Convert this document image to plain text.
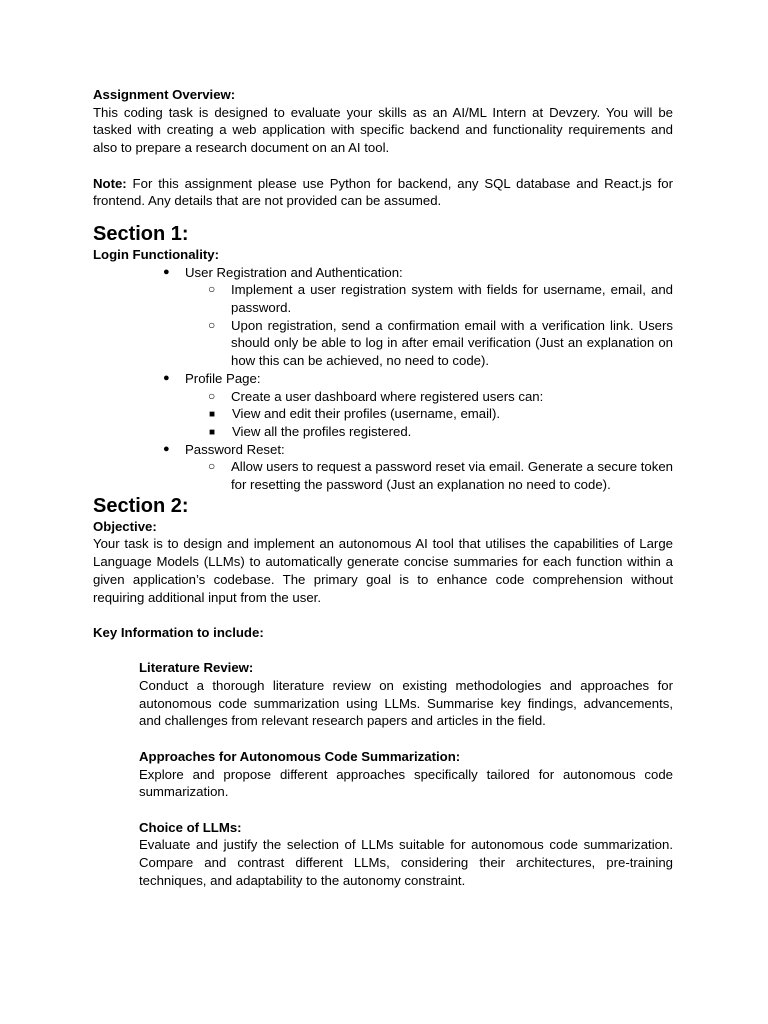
Assignment Overview:

This coding task is designed to evaluate your skills as an AI/ML Intern at Devzery. You will be tasked with creating a web application with specific backend and functionality requirements and also to prepare a research document on an AI tool.

Note: For this assignment please use Python for backend, any SQL database and React.js for frontend. Any details that are not provided can be assumed.

Section 1:

Login Functionality:

● User Registration and Authentication:
○ Implement a user registration system with fields for username, email, and password.
○ Upon registration, send a confirmation email with a verification link. Users should only be able to log in after email verification (Just an explanation on how this can be achieved, no need to code).
● Profile Page:
○ Create a user dashboard where registered users can:
■ View and edit their profiles (username, email).
■ View all the profiles registered.
● Password Reset:
○ Allow users to request a password reset via email. Generate a secure token for resetting the password (Just an explanation no need to code).

Section 2:

Objective:

Your task is to design and implement an autonomous AI tool that utilises the capabilities of Large Language Models (LLMs) to automatically generate concise summaries for each function within a given application’s codebase. The primary goal is to enhance code comprehension without requiring additional input from the user.

Key Information to include:

Literature Review:

Conduct a thorough literature review on existing methodologies and approaches for autonomous code summarization using LLMs. Summarise key findings, advancements, and challenges from relevant research papers and articles in the field.

Approaches for Autonomous Code Summarization:

Explore and propose different approaches specifically tailored for autonomous code summarization.

Choice of LLMs:

Evaluate and justify the selection of LLMs suitable for autonomous code summarization. Compare and contrast different LLMs, considering their architectures, pre-training techniques, and adaptability to the autonomy constraint.
